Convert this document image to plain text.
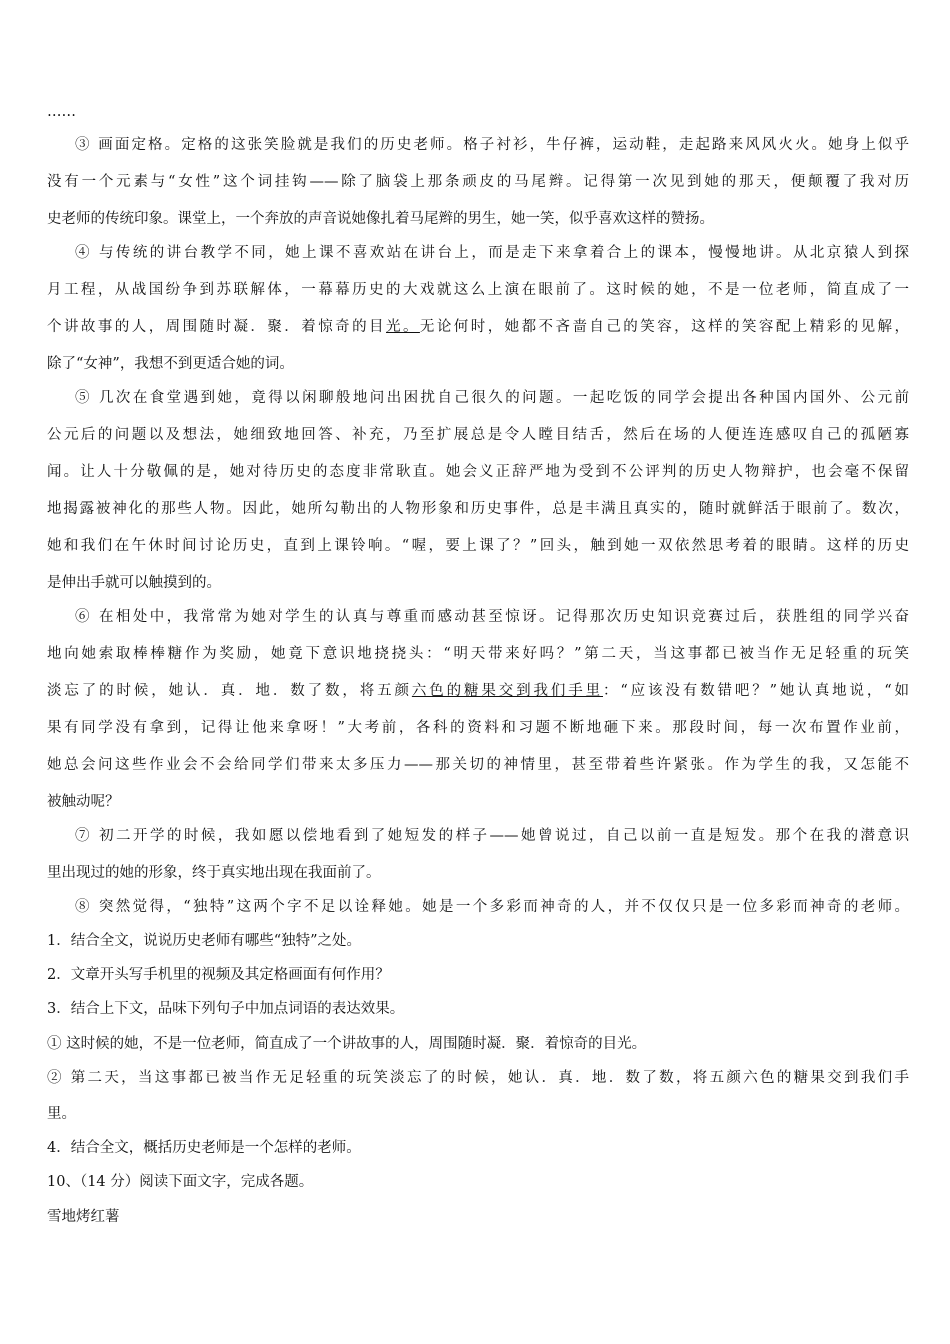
……
③ 画面定格。定格的这张笑脸就是我们的历史老师。格子衬衫，牛仔裤，运动鞋，走起路来风风火火。她身上似乎
没有一个元素与“女性”这个词挂钩——除了脑袋上那条顽皮的马尾辫。记得第一次见到她的那天，便颠覆了我对历
史老师的传统印象。课堂上，一个奔放的声音说她像扎着马尾辫的男生，她一笑，似乎喜欢这样的赞扬。
④ 与传统的讲台教学不同，她上课不喜欢站在讲台上，而是走下来拿着合上的课本，慢慢地讲。从北京猿人到探
月工程，从战国纷争到苏联解体，一幕幕历史的大戏就这么上演在眼前了。这时候的她，不是一位老师，简直成了一
个讲故事的人，周围随时凝．聚．着惊奇的目光。无论何时，她都不吝啬自己的笑容，这样的笑容配上精彩的见解，
除了“女神”，我想不到更适合她的词。
⑤ 几次在食堂遇到她，竟得以闲聊般地问出困扰自己很久的问题。一起吃饭的同学会提出各种国内国外、公元前
公元后的问题以及想法，她细致地回答、补充，乃至扩展总是令人瞠目结舌，然后在场的人便连连感叹自己的孤陋寡
闻。让人十分敬佩的是，她对待历史的态度非常耿直。她会义正辞严地为受到不公评判的历史人物辩护，也会毫不保留
地揭露被神化的那些人物。因此，她所勾勒出的人物形象和历史事件，总是丰满且真实的，随时就鲜活于眼前了。数次，
她和我们在午休时间讨论历史，直到上课铃响。“喔，要上课了？”回头，触到她一双依然思考着的眼睛。这样的历史
是伸出手就可以触摸到的。
⑥ 在相处中，我常常为她对学生的认真与尊重而感动甚至惊讶。记得那次历史知识竞赛过后，获胜组的同学兴奋
地向她索取棒棒糖作为奖励，她竟下意识地挠挠头：“明天带来好吗？”第二天，当这事都已被当作无足轻重的玩笑
淡忘了的时候，她认．真．地．数了数，将五颜六色的糖果交到我们手里：“应该没有数错吧？”她认真地说，“如
果有同学没有拿到，记得让他来拿呀！”大考前，各科的资料和习题不断地砸下来。那段时间，每一次布置作业前，
她总会问这些作业会不会给同学们带来太多压力——那关切的神情里，甚至带着些许紧张。作为学生的我，又怎能不
被触动呢？
⑦ 初二开学的时候，我如愿以偿地看到了她短发的样子——她曾说过，自己以前一直是短发。那个在我的潜意识
里出现过的她的形象，终于真实地出现在我面前了。
⑧ 突然觉得，“独特”这两个字不足以诠释她。她是一个多彩而神奇的人，并不仅仅只是一位多彩而神奇的老师。
1．结合全文，说说历史老师有哪些“独特”之处。
2．文章开头写手机里的视频及其定格画面有何作用？
3．结合上下文，品味下列句子中加点词语的表达效果。
① 这时候的她，不是一位老师，简直成了一个讲故事的人，周围随时凝．聚．着惊奇的目光。
② 第二天，当这事都已被当作无足轻重的玩笑淡忘了的时候，她认．真．地．数了数，将五颜六色的糖果交到我们手
里。
4．结合全文，概括历史老师是一个怎样的老师。
10、（14 分）阅读下面文字，完成各题。
雪地烤红薯
